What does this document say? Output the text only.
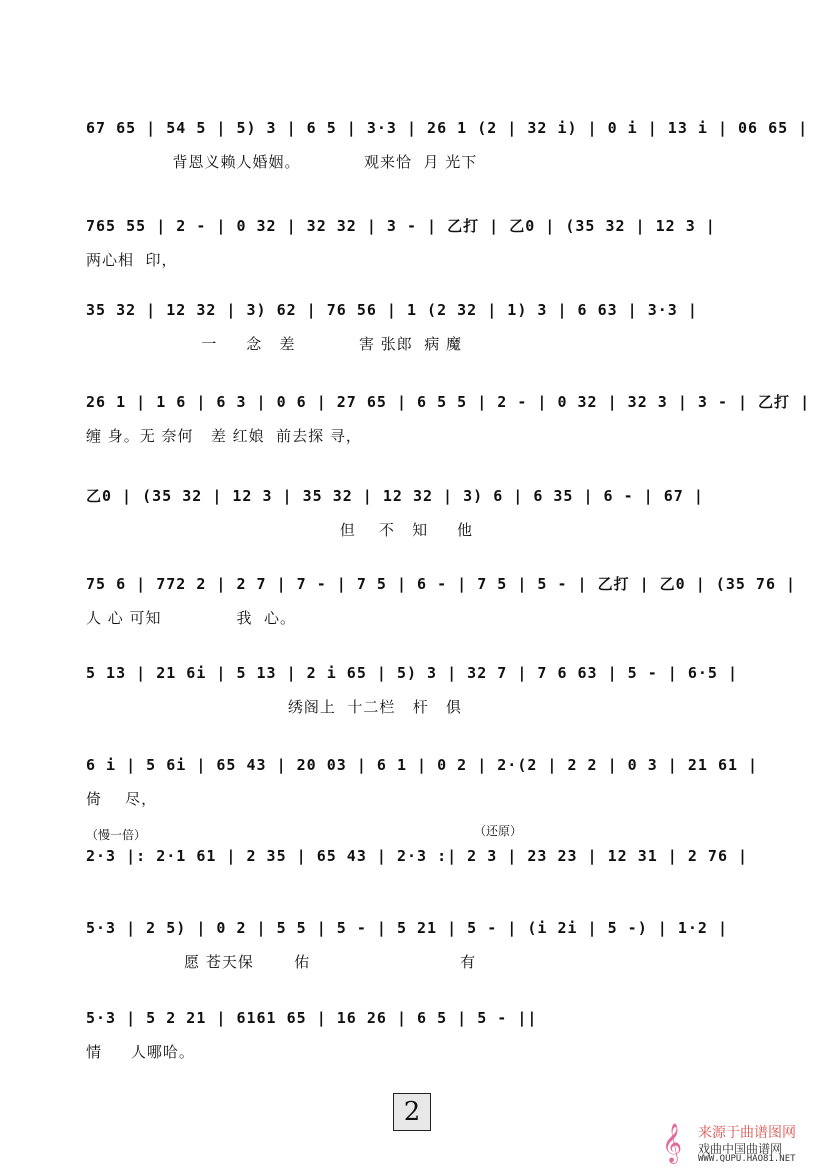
67 65 | 54 5 | 5) 3 | 6 5 | 3·3 | 26 1 (2 | 32 i) | 0 i | 13 i | 06 65 |
背恩义赖人婚姻。           观来恰  月 光下
765 55 | 2 - | 0 32 | 32 32 | 3 - | 乙打 | 乙0 | (35 32 | 12 3 |
两心相  印，
35 32 | 12 32 | 3) 62 | 76 56 | 1 (2 32 | 1) 3 | 6 63 | 3·3 |
一     念   差           害 张郎  病 魔
26 1 | 1 6 | 6 3 | 0 6 | 27 65 | 6 5 5 | 2 - | 0 32 | 32 3 | 3 - | 乙打 |
缠 身。无 奈何   差 红娘  前去探 寻，
乙0 | (35 32 | 12 3 | 35 32 | 12 32 | 3) 6 | 6 35 | 6 - | 67 |
但    不   知     他
75 6 | 772 2 | 2 7 | 7 - | 7 5 | 6 - | 7 5 | 5 - | 乙打 | 乙0 | (35 76 |
人 心 可知             我  心。
5 13 | 21 6i | 5 13 | 2 i 65 | 5) 3 | 32 7 | 7 6 63 | 5 - | 6·5 |
绣阁上  十二栏   杆   俱
6 i | 5 6i | 65 43 | 20 03 | 6 1 | 0 2 | 2·(2 | 2 2 | 0 3 | 21 61 |
倚    尽，
（慢一倍）	（还原）
2·3 |: 2·1 61 | 2 35 | 65 43 | 2·3 :| 2 3 | 23 23 | 12 31 | 2 76 |
5·3 | 2 5) | 0 2 | 5 5 | 5 - | 5 21 | 5 - | (i 2i | 5 -) | 1·2 |
愿 苍天保       佑                          有
5·3 | 5 2 21 | 6161 65 | 16 26 | 6 5 | 5 - ||
情     人哪哈。
2
𝄞	来源于曲谱图网
戏曲中国曲谱网
WWW.QUPU.HAO81.NET
